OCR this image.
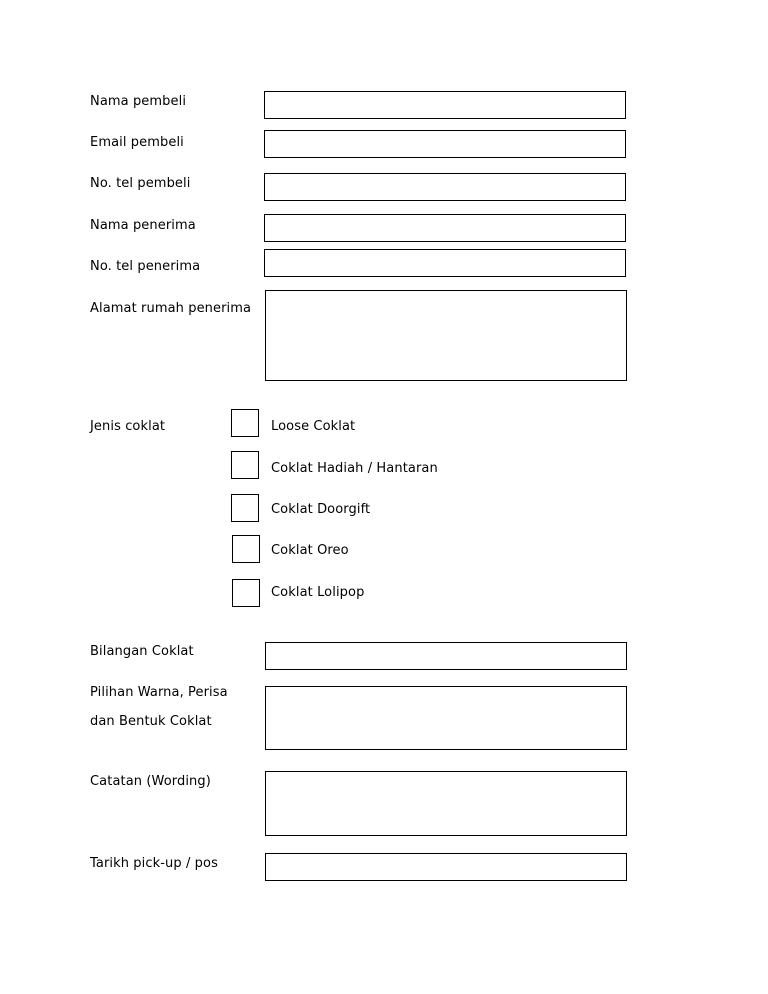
Nama pembeli
Email pembeli
No. tel pembeli
Nama penerima
No. tel penerima
Alamat rumah penerima
Jenis coklat	Loose Coklat
Coklat Hadiah / Hantaran
Coklat Doorgift
Coklat Oreo
Coklat Lolipop
Bilangan Coklat
Pilihan Warna, Perisa
dan Bentuk Coklat
Catatan (Wording)
Tarikh pick-up / pos
